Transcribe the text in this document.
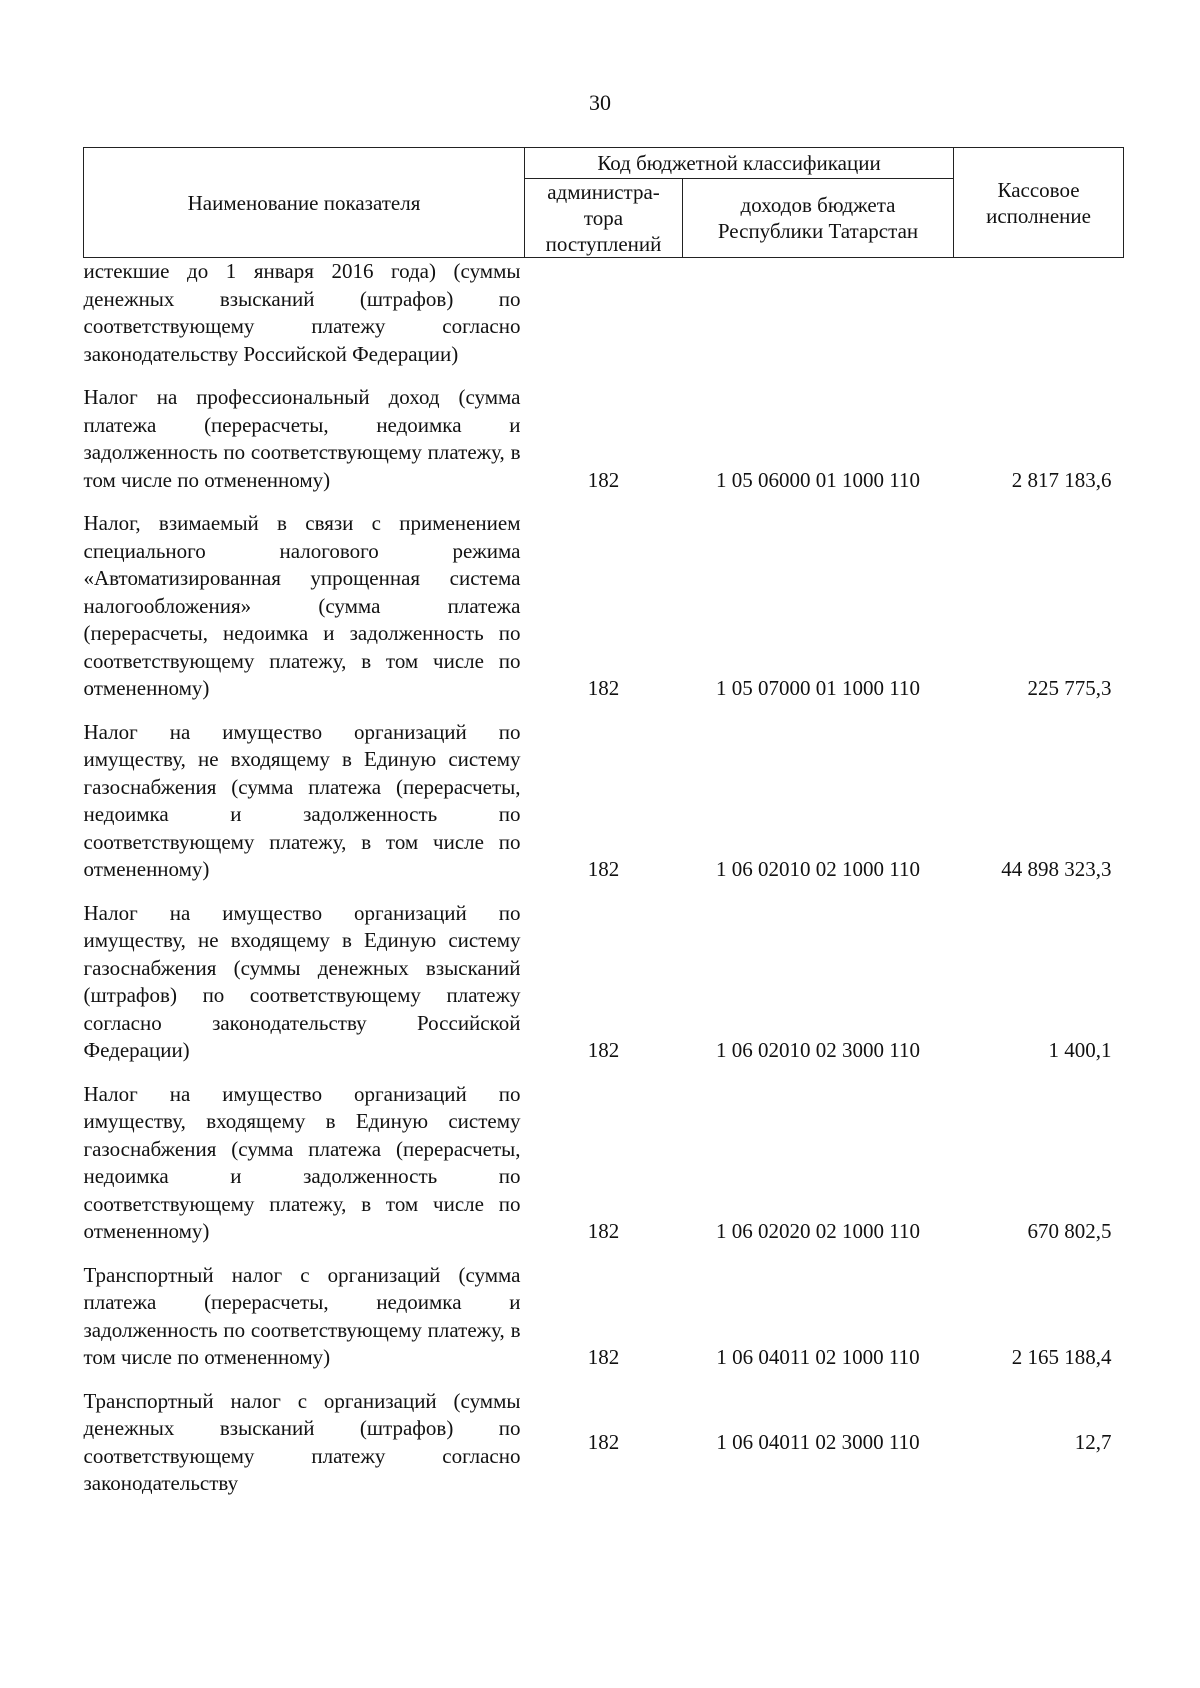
30
Наименование показателя	Код бюджетной классификации		Кассовое исполнение
	администра-тора поступлений	доходов бюджета Республики Татарстан	
истекшие до 1 января 2016 года) (суммы денежных взысканий (штрафов) по соответствующему платежу согласно законодательству Российской Федерации)			
Налог на профессиональный доход (сумма платежа (перерасчеты, недоимка и задолженность по соответствующему платежу, в том числе по отмененному)	182	1 05 06000 01 1000 110	2 817 183,6
Налог, взимаемый в связи с применением специального налогового режима «Автоматизированная упрощенная система налогообложения» (сумма платежа (перерасчеты, недоимка и задолженность по соответствующему платежу, в том числе по отмененному)	182	1 05 07000 01 1000 110	225 775,3
Налог на имущество организаций по имуществу, не входящему в Единую систему газоснабжения (сумма платежа (перерасчеты, недоимка и задолженность по соответствующему платежу, в том числе по отмененному)	182	1 06 02010 02 1000 110	44 898 323,3
Налог на имущество организаций по имуществу, не входящему в Единую систему газоснабжения (суммы денежных взысканий (штрафов) по соответствующему платежу согласно законодательству Российской Федерации)	182	1 06 02010 02 3000 110	1 400,1
Налог на имущество организаций по имуществу, входящему в Единую систему газоснабжения (сумма платежа (перерасчеты, недоимка и задолженность по соответствующему платежу, в том числе по отмененному)	182	1 06 02020 02 1000 110	670 802,5
Транспортный налог с организаций (сумма платежа (перерасчеты, недоимка и задолженность по соответствующему платежу, в том числе по отмененному)	182	1 06 04011 02 1000 110	2 165 188,4
Транспортный налог с организаций (суммы денежных взысканий (штрафов) по соответствующему платежу согласно законодательству	182	1 06 04011 02 3000 110	12,7
